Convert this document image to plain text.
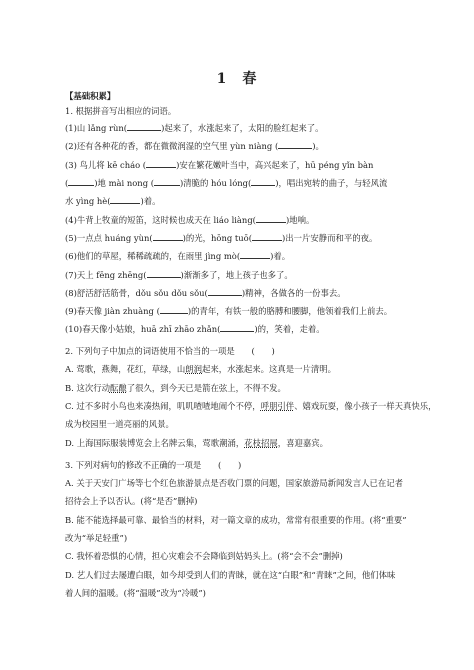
1　春
【基础积累】
1. 根据拼音写出相应的词语。
(1)山 lǎng rùn(	)起来了，水涨起来了，太阳的脸红起来了。
(2)还有各种花的香，都在微微润湿的空气里 yùn niàng (	)。
(3) 鸟儿将 kē cháo (	)安在繁花嫩叶当中，高兴起来了，hū péng yǐn bàn
(	)地 mài nong (	)清脆的 hóu lóng(	)，唱出宛转的曲子，与轻风流
水 yìng hè(	)着。
(4)牛背上牧童的短笛，这时候也成天在 liáo liàng(	)地响。
(5)一点点 huáng yùn(	)的光，hōng tuō(	)出一片安静而和平的夜。
(6)他们的草屋，稀稀疏疏的，在雨里 jìng mò(	)着。
(7)天上 fēng zhēng(	)渐渐多了，地上孩子也多了。
(8)舒活舒活筋骨，dǒu sǒu dǒu sǒu(	)精神，各做各的一份事去。
(9)春天像 jiàn zhuàng (	)的青年，有铁一般的胳膊和腰脚，他领着我们上前去。
(10)春天像小姑娘，huā zhī zhāo zhǎn(	)的，笑着，走着。
2. 下列句子中加点的词语使用不恰当的一项是　　(　　)
A. 莺歌，燕舞，花红，草绿，山朗润起来，水涨起来。这真是一片清明。
B. 这次行动酝酿了很久，到今天已是箭在弦上，不得不发。
C. 过不多时小鸟也来凑热闹，叽叽喳喳地闹个不停，呼朋引伴、嬉戏玩耍，像小孩子一样天真快乐，
成为校园里一道亮丽的风景。
D. 上海国际服装博览会上名牌云集，莺歌潮涌，花枝招展，喜迎嘉宾。
3. 下列对病句的修改不正确的一项是　　(　　)
A. 关于天安门广场等七个红色旅游景点是否收门票的问题，国家旅游局新闻发言人已在记者
招待会上予以否认。(将“是否”删掉)
B. 能不能选择最可靠、最恰当的材料，对一篇文章的成功，常常有很重要的作用。(将“重要”
改为“举足轻重”)
C. 我怀着恐惧的心情，担心灾难会不会降临到姑妈头上。(将“会不会”删掉)
D. 艺人们过去屡遭白眼，如今却受到人们的青睐，就在这“白眼”和“青睐”之间，他们体味
着人间的温暖。(将“温暖”改为“冷暖”)
